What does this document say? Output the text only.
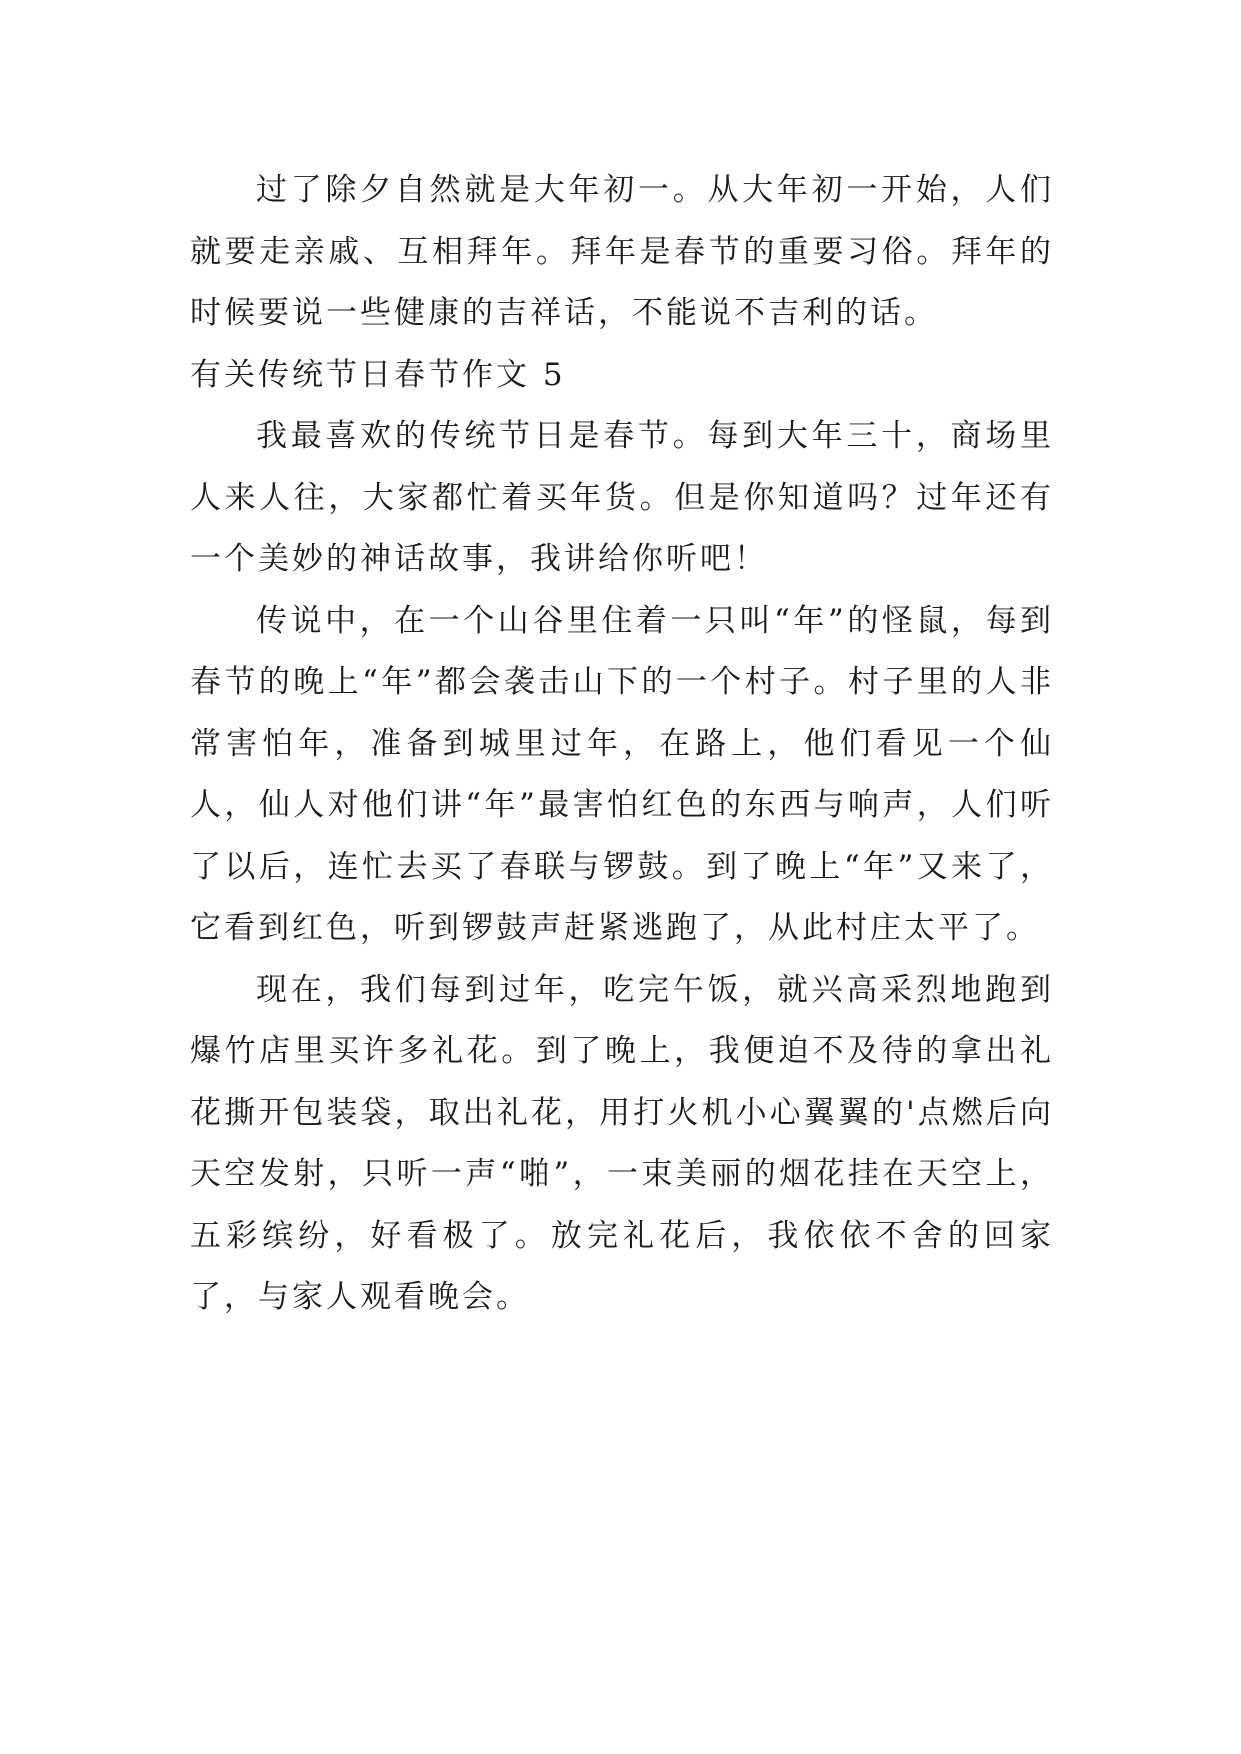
过了除夕自然就是大年初一。从大年初一开始，人们就要走亲戚、互相拜年。拜年是春节的重要习俗。拜年的时候要说一些健康的吉祥话，不能说不吉利的话。

有关传统节日春节作文 5

我最喜欢的传统节日是春节。每到大年三十，商场里人来人往，大家都忙着买年货。但是你知道吗？过年还有一个美妙的神话故事，我讲给你听吧！

传说中，在一个山谷里住着一只叫“年”的怪鼠，每到春节的晚上“年”都会袭击山下的一个村子。村子里的人非常害怕年，准备到城里过年，在路上，他们看见一个仙人，仙人对他们讲“年”最害怕红色的东西与响声，人们听了以后，连忙去买了春联与锣鼓。到了晚上“年”又来了，它看到红色，听到锣鼓声赶紧逃跑了，从此村庄太平了。

现在，我们每到过年，吃完午饭，就兴高采烈地跑到爆竹店里买许多礼花。到了晚上，我便迫不及待的拿出礼花撕开包装袋，取出礼花，用打火机小心翼翼的'点燃后向天空发射，只听一声“啪”，一束美丽的烟花挂在天空上，五彩缤纷，好看极了。放完礼花后，我依依不舍的回家了，与家人观看晚会。
